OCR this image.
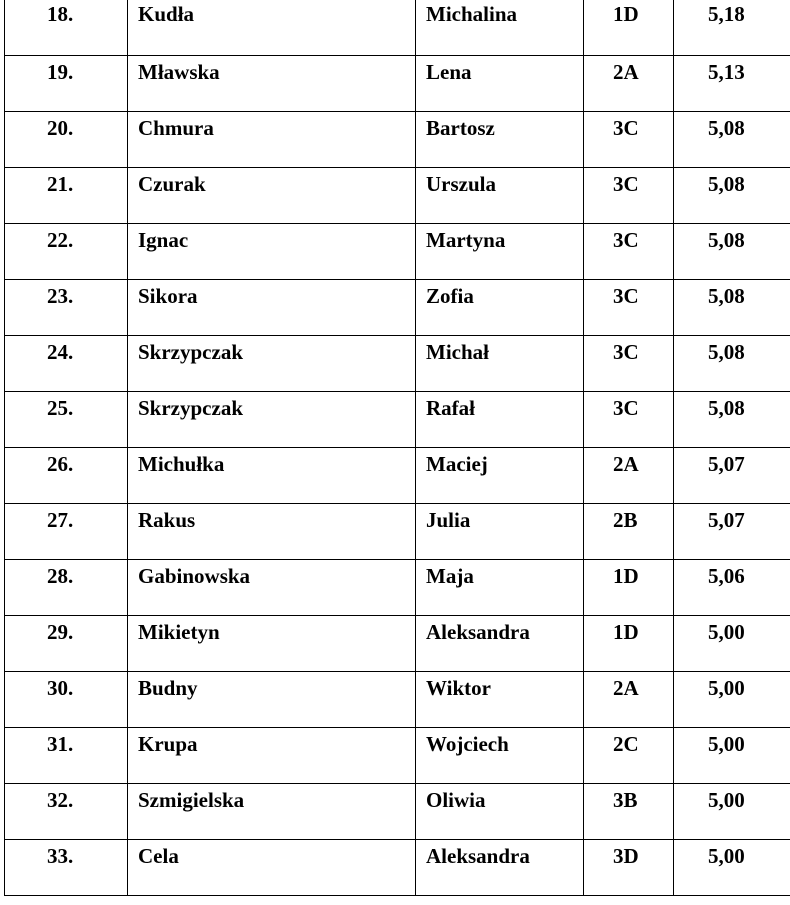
18.	Kudła	Michalina	1D	5,18

19.	Mławska	Lena	2A	5,13

20.	Chmura	Bartosz	3C	5,08

21.	Czurak	Urszula	3C	5,08

22.	Ignac	Martyna	3C	5,08

23.	Sikora	Zofia	3C	5,08

24.	Skrzypczak	Michał	3C	5,08

25.	Skrzypczak	Rafał	3C	5,08

26.	Michułka	Maciej	2A	5,07

27.	Rakus	Julia	2B	5,07

28.	Gabinowska	Maja	1D	5,06

29.	Mikietyn	Aleksandra	1D	5,00

30.	Budny	Wiktor	2A	5,00

31.	Krupa	Wojciech	2C	5,00

32.	Szmigielska	Oliwia	3B	5,00

33.	Cela	Aleksandra	3D	5,00
